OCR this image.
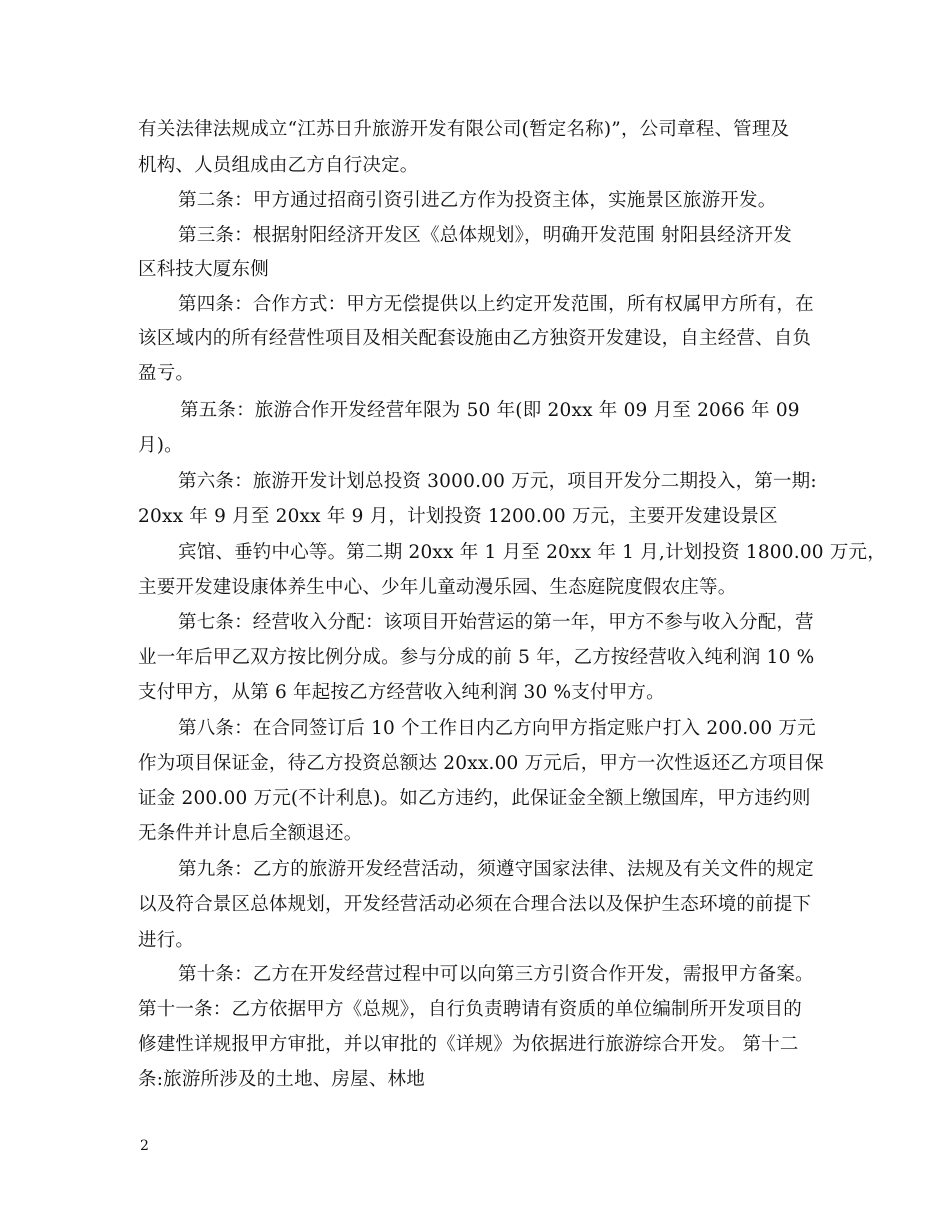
有关法律法规成立“江苏日升旅游开发有限公司(暂定名称)”，公司章程、管理及
机构、人员组成由乙方自行决定。
第二条：甲方通过招商引资引进乙方作为投资主体，实施景区旅游开发。
第三条：根据射阳经济开发区《总体规划》，明确开发范围 射阳县经济开发
区科技大厦东侧
第四条：合作方式：甲方无偿提供以上约定开发范围，所有权属甲方所有，在
该区域内的所有经营性项目及相关配套设施由乙方独资开发建设，自主经营、自负
盈亏。
第五条：旅游合作开发经营年限为 50 年(即 20xx 年 09 月至 2066 年 09
月)。
第六条：旅游开发计划总投资 3000.00 万元，项目开发分二期投入，第一期:
20xx 年 9 月至 20xx 年 9 月，计划投资 1200.00 万元，主要开发建设景区
宾馆、垂钓中心等。第二期 20xx 年 1 月至 20xx 年 1 月,计划投资 1800.00 万元，
主要开发建设康体养生中心、少年儿童动漫乐园、生态庭院度假农庄等。
第七条：经营收入分配：该项目开始营运的第一年，甲方不参与收入分配，营
业一年后甲乙双方按比例分成。参与分成的前 5 年，乙方按经营收入纯利润 10 %
支付甲方，从第 6 年起按乙方经营收入纯利润 30 %支付甲方。
第八条：在合同签订后 10 个工作日内乙方向甲方指定账户打入 200.00 万元
作为项目保证金，待乙方投资总额达 20xx.00 万元后，甲方一次性返还乙方项目保
证金 200.00 万元(不计利息)。如乙方违约，此保证金全额上缴国库，甲方违约则
无条件并计息后全额退还。
第九条：乙方的旅游开发经营活动，须遵守国家法律、法规及有关文件的规定
以及符合景区总体规划，开发经营活动必须在合理合法以及保护生态环境的前提下
进行。
第十条：乙方在开发经营过程中可以向第三方引资合作开发，需报甲方备案。
第十一条：乙方依据甲方《总规》，自行负责聘请有资质的单位编制所开发项目的
修建性详规报甲方审批，并以审批的《详规》为依据进行旅游综合开发。 第十二
条:旅游所涉及的土地、房屋、林地
2
